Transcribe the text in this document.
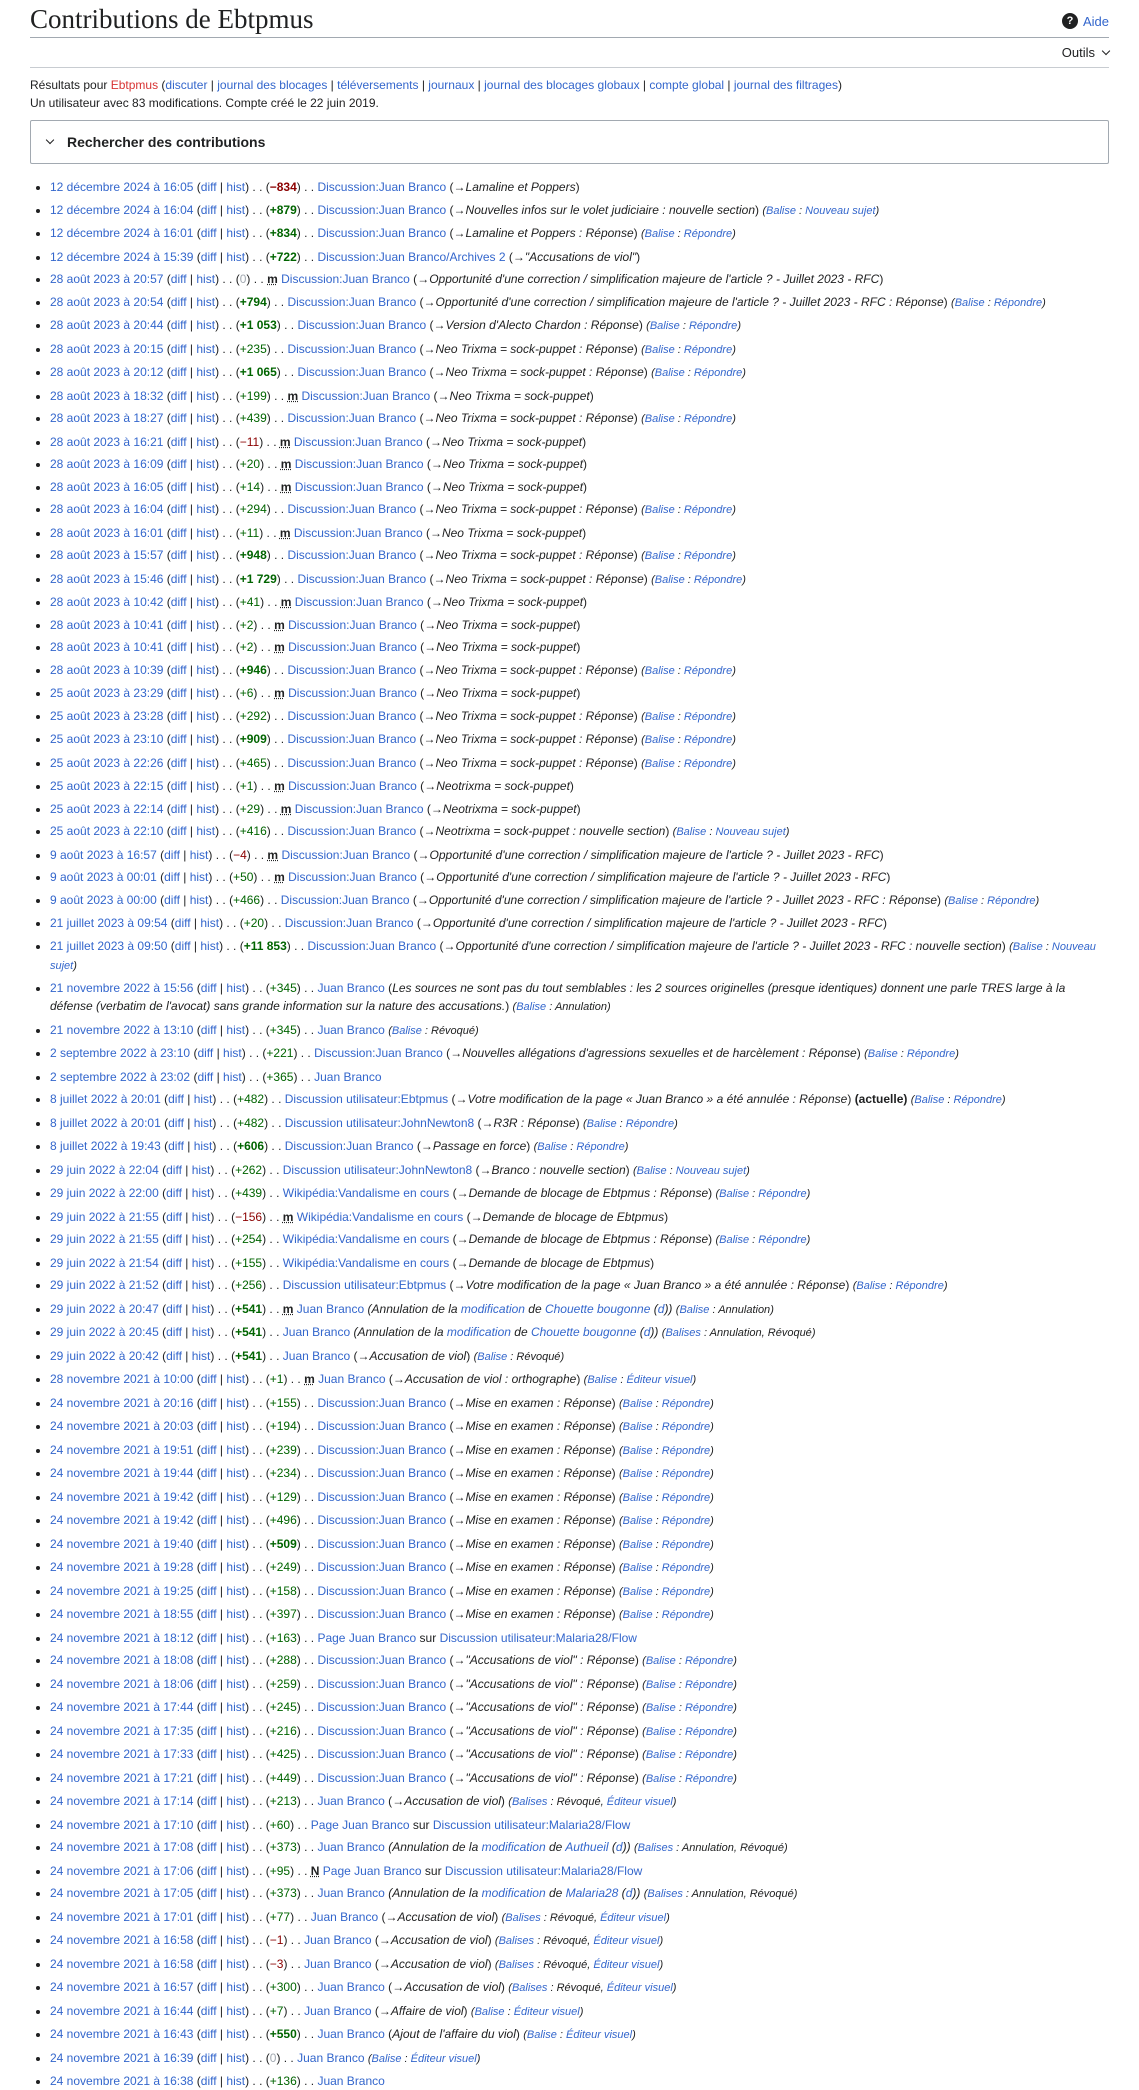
Contributions de Ebtpmus	? Aide
Outils
Résultats pour Ebtpmus (discuter | journal des blocages | téléversements | journaux | journal des blocages globaux | compte global | journal des filtrages)
Un utilisateur avec 83 modifications. Compte créé le 22 juin 2019.
Rechercher des contributions
• 12 décembre 2024 à 16:05 (diff | hist) . . (−834) . . Discussion:Juan Branco (→Lamaline et Poppers)
• 12 décembre 2024 à 16:04 (diff | hist) . . (+879) . . Discussion:Juan Branco (→Nouvelles infos sur le volet judiciaire : nouvelle section) (Balise : Nouveau sujet)
• 12 décembre 2024 à 16:01 (diff | hist) . . (+834) . . Discussion:Juan Branco (→Lamaline et Poppers : Réponse) (Balise : Répondre)
• 12 décembre 2024 à 15:39 (diff | hist) . . (+722) . . Discussion:Juan Branco/Archives 2 (→"Accusations de viol")
• 28 août 2023 à 20:57 (diff | hist) . . (0) . . m Discussion:Juan Branco (→Opportunité d'une correction / simplification majeure de l'article ? - Juillet 2023 - RFC)
• 28 août 2023 à 20:54 (diff | hist) . . (+794) . . Discussion:Juan Branco (→Opportunité d'une correction / simplification majeure de l'article ? - Juillet 2023 - RFC : Réponse) (Balise : Répondre)
• 28 août 2023 à 20:44 (diff | hist) . . (+1 053) . . Discussion:Juan Branco (→Version d'Alecto Chardon : Réponse) (Balise : Répondre)
• 28 août 2023 à 20:15 (diff | hist) . . (+235) . . Discussion:Juan Branco (→Neo Trixma = sock-puppet : Réponse) (Balise : Répondre)
• 28 août 2023 à 20:12 (diff | hist) . . (+1 065) . . Discussion:Juan Branco (→Neo Trixma = sock-puppet : Réponse) (Balise : Répondre)
• 28 août 2023 à 18:32 (diff | hist) . . (+199) . . m Discussion:Juan Branco (→Neo Trixma = sock-puppet)
• 28 août 2023 à 18:27 (diff | hist) . . (+439) . . Discussion:Juan Branco (→Neo Trixma = sock-puppet : Réponse) (Balise : Répondre)
• 28 août 2023 à 16:21 (diff | hist) . . (−11) . . m Discussion:Juan Branco (→Neo Trixma = sock-puppet)
• 28 août 2023 à 16:09 (diff | hist) . . (+20) . . m Discussion:Juan Branco (→Neo Trixma = sock-puppet)
• 28 août 2023 à 16:05 (diff | hist) . . (+14) . . m Discussion:Juan Branco (→Neo Trixma = sock-puppet)
• 28 août 2023 à 16:04 (diff | hist) . . (+294) . . Discussion:Juan Branco (→Neo Trixma = sock-puppet : Réponse) (Balise : Répondre)
• 28 août 2023 à 16:01 (diff | hist) . . (+11) . . m Discussion:Juan Branco (→Neo Trixma = sock-puppet)
• 28 août 2023 à 15:57 (diff | hist) . . (+948) . . Discussion:Juan Branco (→Neo Trixma = sock-puppet : Réponse) (Balise : Répondre)
• 28 août 2023 à 15:46 (diff | hist) . . (+1 729) . . Discussion:Juan Branco (→Neo Trixma = sock-puppet : Réponse) (Balise : Répondre)
• 28 août 2023 à 10:42 (diff | hist) . . (+41) . . m Discussion:Juan Branco (→Neo Trixma = sock-puppet)
• 28 août 2023 à 10:41 (diff | hist) . . (+2) . . m Discussion:Juan Branco (→Neo Trixma = sock-puppet)
• 28 août 2023 à 10:41 (diff | hist) . . (+2) . . m Discussion:Juan Branco (→Neo Trixma = sock-puppet)
• 28 août 2023 à 10:39 (diff | hist) . . (+946) . . Discussion:Juan Branco (→Neo Trixma = sock-puppet : Réponse) (Balise : Répondre)
• 25 août 2023 à 23:29 (diff | hist) . . (+6) . . m Discussion:Juan Branco (→Neo Trixma = sock-puppet)
• 25 août 2023 à 23:28 (diff | hist) . . (+292) . . Discussion:Juan Branco (→Neo Trixma = sock-puppet : Réponse) (Balise : Répondre)
• 25 août 2023 à 23:10 (diff | hist) . . (+909) . . Discussion:Juan Branco (→Neo Trixma = sock-puppet : Réponse) (Balise : Répondre)
• 25 août 2023 à 22:26 (diff | hist) . . (+465) . . Discussion:Juan Branco (→Neo Trixma = sock-puppet : Réponse) (Balise : Répondre)
• 25 août 2023 à 22:15 (diff | hist) . . (+1) . . m Discussion:Juan Branco (→Neotrixma = sock-puppet)
• 25 août 2023 à 22:14 (diff | hist) . . (+29) . . m Discussion:Juan Branco (→Neotrixma = sock-puppet)
• 25 août 2023 à 22:10 (diff | hist) . . (+416) . . Discussion:Juan Branco (→Neotrixma = sock-puppet : nouvelle section) (Balise : Nouveau sujet)
• 9 août 2023 à 16:57 (diff | hist) . . (−4) . . m Discussion:Juan Branco (→Opportunité d'une correction / simplification majeure de l'article ? - Juillet 2023 - RFC)
• 9 août 2023 à 00:01 (diff | hist) . . (+50) . . m Discussion:Juan Branco (→Opportunité d'une correction / simplification majeure de l'article ? - Juillet 2023 - RFC)
• 9 août 2023 à 00:00 (diff | hist) . . (+466) . . Discussion:Juan Branco (→Opportunité d'une correction / simplification majeure de l'article ? - Juillet 2023 - RFC : Réponse) (Balise : Répondre)
• 21 juillet 2023 à 09:54 (diff | hist) . . (+20) . . Discussion:Juan Branco (→Opportunité d'une correction / simplification majeure de l'article ? - Juillet 2023 - RFC)
• 21 juillet 2023 à 09:50 (diff | hist) . . (+11 853) . . Discussion:Juan Branco (→Opportunité d'une correction / simplification majeure de l'article ? - Juillet 2023 - RFC : nouvelle section) (Balise : Nouveau sujet)
• 21 novembre 2022 à 15:56 (diff | hist) . . (+345) . . Juan Branco (Les sources ne sont pas du tout semblables : les 2 sources originelles (presque identiques) donnent une parle TRES large à la défense (verbatim de l'avocat) sans grande information sur la nature des accusations.) (Balise : Annulation)
• 21 novembre 2022 à 13:10 (diff | hist) . . (+345) . . Juan Branco (Balise : Révoqué)
• 2 septembre 2022 à 23:10 (diff | hist) . . (+221) . . Discussion:Juan Branco (→Nouvelles allégations d'agressions sexuelles et de harcèlement : Réponse) (Balise : Répondre)
• 2 septembre 2022 à 23:02 (diff | hist) . . (+365) . . Juan Branco
• 8 juillet 2022 à 20:01 (diff | hist) . . (+482) . . Discussion utilisateur:Ebtpmus (→Votre modification de la page « Juan Branco » a été annulée : Réponse) (actuelle) (Balise : Répondre)
• 8 juillet 2022 à 20:01 (diff | hist) . . (+482) . . Discussion utilisateur:JohnNewton8 (→R3R : Réponse) (Balise : Répondre)
• 8 juillet 2022 à 19:43 (diff | hist) . . (+606) . . Discussion:Juan Branco (→Passage en force) (Balise : Répondre)
• 29 juin 2022 à 22:04 (diff | hist) . . (+262) . . Discussion utilisateur:JohnNewton8 (→Branco : nouvelle section) (Balise : Nouveau sujet)
• 29 juin 2022 à 22:00 (diff | hist) . . (+439) . . Wikipédia:Vandalisme en cours (→Demande de blocage de Ebtpmus : Réponse) (Balise : Répondre)
• 29 juin 2022 à 21:55 (diff | hist) . . (−156) . . m Wikipédia:Vandalisme en cours (→Demande de blocage de Ebtpmus)
• 29 juin 2022 à 21:55 (diff | hist) . . (+254) . . Wikipédia:Vandalisme en cours (→Demande de blocage de Ebtpmus : Réponse) (Balise : Répondre)
• 29 juin 2022 à 21:54 (diff | hist) . . (+155) . . Wikipédia:Vandalisme en cours (→Demande de blocage de Ebtpmus)
• 29 juin 2022 à 21:52 (diff | hist) . . (+256) . . Discussion utilisateur:Ebtpmus (→Votre modification de la page « Juan Branco » a été annulée : Réponse) (Balise : Répondre)
• 29 juin 2022 à 20:47 (diff | hist) . . (+541) . . m Juan Branco (Annulation de la modification de Chouette bougonne (d)) (Balise : Annulation)
• 29 juin 2022 à 20:45 (diff | hist) . . (+541) . . Juan Branco (Annulation de la modification de Chouette bougonne (d)) (Balises : Annulation, Révoqué)
• 29 juin 2022 à 20:42 (diff | hist) . . (+541) . . Juan Branco (→Accusation de viol) (Balise : Révoqué)
• 28 novembre 2021 à 10:00 (diff | hist) . . (+1) . . m Juan Branco (→Accusation de viol : orthographe) (Balise : Éditeur visuel)
• 24 novembre 2021 à 20:16 (diff | hist) . . (+155) . . Discussion:Juan Branco (→Mise en examen : Réponse) (Balise : Répondre)
• 24 novembre 2021 à 20:03 (diff | hist) . . (+194) . . Discussion:Juan Branco (→Mise en examen : Réponse) (Balise : Répondre)
• 24 novembre 2021 à 19:51 (diff | hist) . . (+239) . . Discussion:Juan Branco (→Mise en examen : Réponse) (Balise : Répondre)
• 24 novembre 2021 à 19:44 (diff | hist) . . (+234) . . Discussion:Juan Branco (→Mise en examen : Réponse) (Balise : Répondre)
• 24 novembre 2021 à 19:42 (diff | hist) . . (+129) . . Discussion:Juan Branco (→Mise en examen : Réponse) (Balise : Répondre)
• 24 novembre 2021 à 19:42 (diff | hist) . . (+496) . . Discussion:Juan Branco (→Mise en examen : Réponse) (Balise : Répondre)
• 24 novembre 2021 à 19:40 (diff | hist) . . (+509) . . Discussion:Juan Branco (→Mise en examen : Réponse) (Balise : Répondre)
• 24 novembre 2021 à 19:28 (diff | hist) . . (+249) . . Discussion:Juan Branco (→Mise en examen : Réponse) (Balise : Répondre)
• 24 novembre 2021 à 19:25 (diff | hist) . . (+158) . . Discussion:Juan Branco (→Mise en examen : Réponse) (Balise : Répondre)
• 24 novembre 2021 à 18:55 (diff | hist) . . (+397) . . Discussion:Juan Branco (→Mise en examen : Réponse) (Balise : Répondre)
• 24 novembre 2021 à 18:12 (diff | hist) . . (+163) . . Page Juan Branco sur Discussion utilisateur:Malaria28/Flow
• 24 novembre 2021 à 18:08 (diff | hist) . . (+288) . . Discussion:Juan Branco (→"Accusations de viol" : Réponse) (Balise : Répondre)
• 24 novembre 2021 à 18:06 (diff | hist) . . (+259) . . Discussion:Juan Branco (→"Accusations de viol" : Réponse) (Balise : Répondre)
• 24 novembre 2021 à 17:44 (diff | hist) . . (+245) . . Discussion:Juan Branco (→"Accusations de viol" : Réponse) (Balise : Répondre)
• 24 novembre 2021 à 17:35 (diff | hist) . . (+216) . . Discussion:Juan Branco (→"Accusations de viol" : Réponse) (Balise : Répondre)
• 24 novembre 2021 à 17:33 (diff | hist) . . (+425) . . Discussion:Juan Branco (→"Accusations de viol" : Réponse) (Balise : Répondre)
• 24 novembre 2021 à 17:21 (diff | hist) . . (+449) . . Discussion:Juan Branco (→"Accusations de viol" : Réponse) (Balise : Répondre)
• 24 novembre 2021 à 17:14 (diff | hist) . . (+213) . . Juan Branco (→Accusation de viol) (Balises : Révoqué, Éditeur visuel)
• 24 novembre 2021 à 17:10 (diff | hist) . . (+60) . . Page Juan Branco sur Discussion utilisateur:Malaria28/Flow
• 24 novembre 2021 à 17:08 (diff | hist) . . (+373) . . Juan Branco (Annulation de la modification de Authueil (d)) (Balises : Annulation, Révoqué)
• 24 novembre 2021 à 17:06 (diff | hist) . . (+95) . . N Page Juan Branco sur Discussion utilisateur:Malaria28/Flow
• 24 novembre 2021 à 17:05 (diff | hist) . . (+373) . . Juan Branco (Annulation de la modification de Malaria28 (d)) (Balises : Annulation, Révoqué)
• 24 novembre 2021 à 17:01 (diff | hist) . . (+77) . . Juan Branco (→Accusation de viol) (Balises : Révoqué, Éditeur visuel)
• 24 novembre 2021 à 16:58 (diff | hist) . . (−1) . . Juan Branco (→Accusation de viol) (Balises : Révoqué, Éditeur visuel)
• 24 novembre 2021 à 16:58 (diff | hist) . . (−3) . . Juan Branco (→Accusation de viol) (Balises : Révoqué, Éditeur visuel)
• 24 novembre 2021 à 16:57 (diff | hist) . . (+300) . . Juan Branco (→Accusation de viol) (Balises : Révoqué, Éditeur visuel)
• 24 novembre 2021 à 16:44 (diff | hist) . . (+7) . . Juan Branco (→Affaire de viol) (Balise : Éditeur visuel)
• 24 novembre 2021 à 16:43 (diff | hist) . . (+550) . . Juan Branco (Ajout de l'affaire du viol) (Balise : Éditeur visuel)
• 24 novembre 2021 à 16:39 (diff | hist) . . (0) . . Juan Branco (Balise : Éditeur visuel)
• 24 novembre 2021 à 16:38 (diff | hist) . . (+136) . . Juan Branco
